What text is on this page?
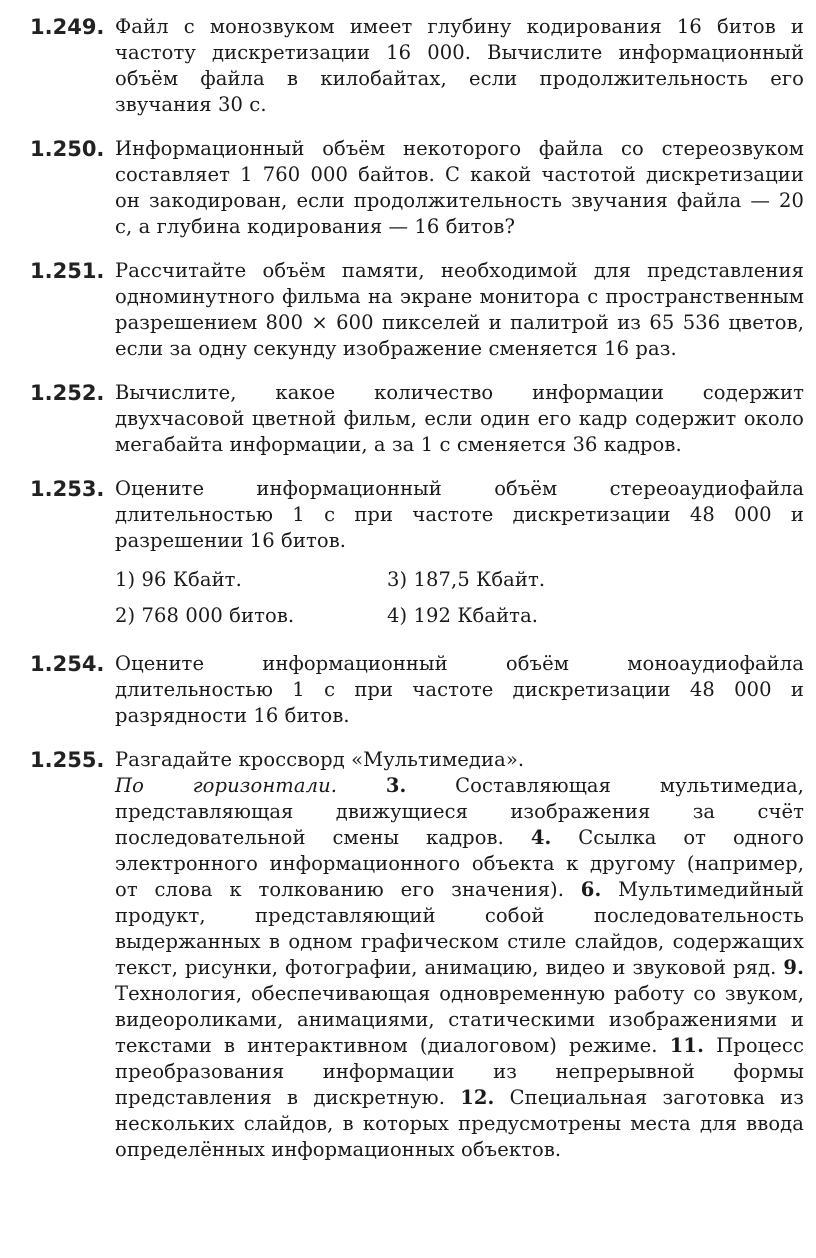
1.249. Файл с монозвуком имеет глубину кодирования 16 битов и частоту дискретизации 16 000. Вычислите информационный объём файла в килобайтах, если продолжительность его звучания 30 с.
1.250. Информационный объём некоторого файла со стереозвуком составляет 1 760 000 байтов. С какой частотой дискретизации он закодирован, если продолжительность звучания файла — 20 с, а глубина кодирования — 16 битов?
1.251. Рассчитайте объём памяти, необходимой для представления одноминутного фильма на экране монитора с пространственным разрешением 800 × 600 пикселей и палитрой из 65 536 цветов, если за одну секунду изображение сменяется 16 раз.
1.252. Вычислите, какое количество информации содержит двухчасовой цветной фильм, если один его кадр содержит около мегабайта информации, а за 1 с сменяется 36 кадров.
1.253. Оцените информационный объём стереоаудиофайла длительностью 1 с при частоте дискретизации 48 000 и разрешении 16 битов.
1) 96 Кбайт.	3) 187,5 Кбайт.
2) 768 000 битов.	4) 192 Кбайта.
1.254. Оцените информационный объём моноаудиофайла длительностью 1 с при частоте дискретизации 48 000 и разрядности 16 битов.
1.255. Разгадайте кроссворд «Мультимедиа».
По горизонтали.	3.	Составляющая мультимедиа, представляющая движущиеся изображения за счёт последовательной смены кадров. 4. Ссылка от одного электронного информационного объекта к другому (например, от слова к толкованию его значения). 6. Мультимедийный продукт, представляющий собой последовательность выдержанных в одном графическом стиле слайдов, содержащих текст, рисунки, фотографии, анимацию, видео и звуковой ряд. 9. Технология, обеспечивающая одновременную работу со звуком, видеороликами, анимациями, статическими изображениями и текстами в интерактивном (диалоговом) режиме. 11. Процесс преобразования информации из непрерывной формы представления в дискретную. 12. Специальная заготовка из нескольких слайдов, в которых предусмотрены места для ввода определённых информационных объектов.
